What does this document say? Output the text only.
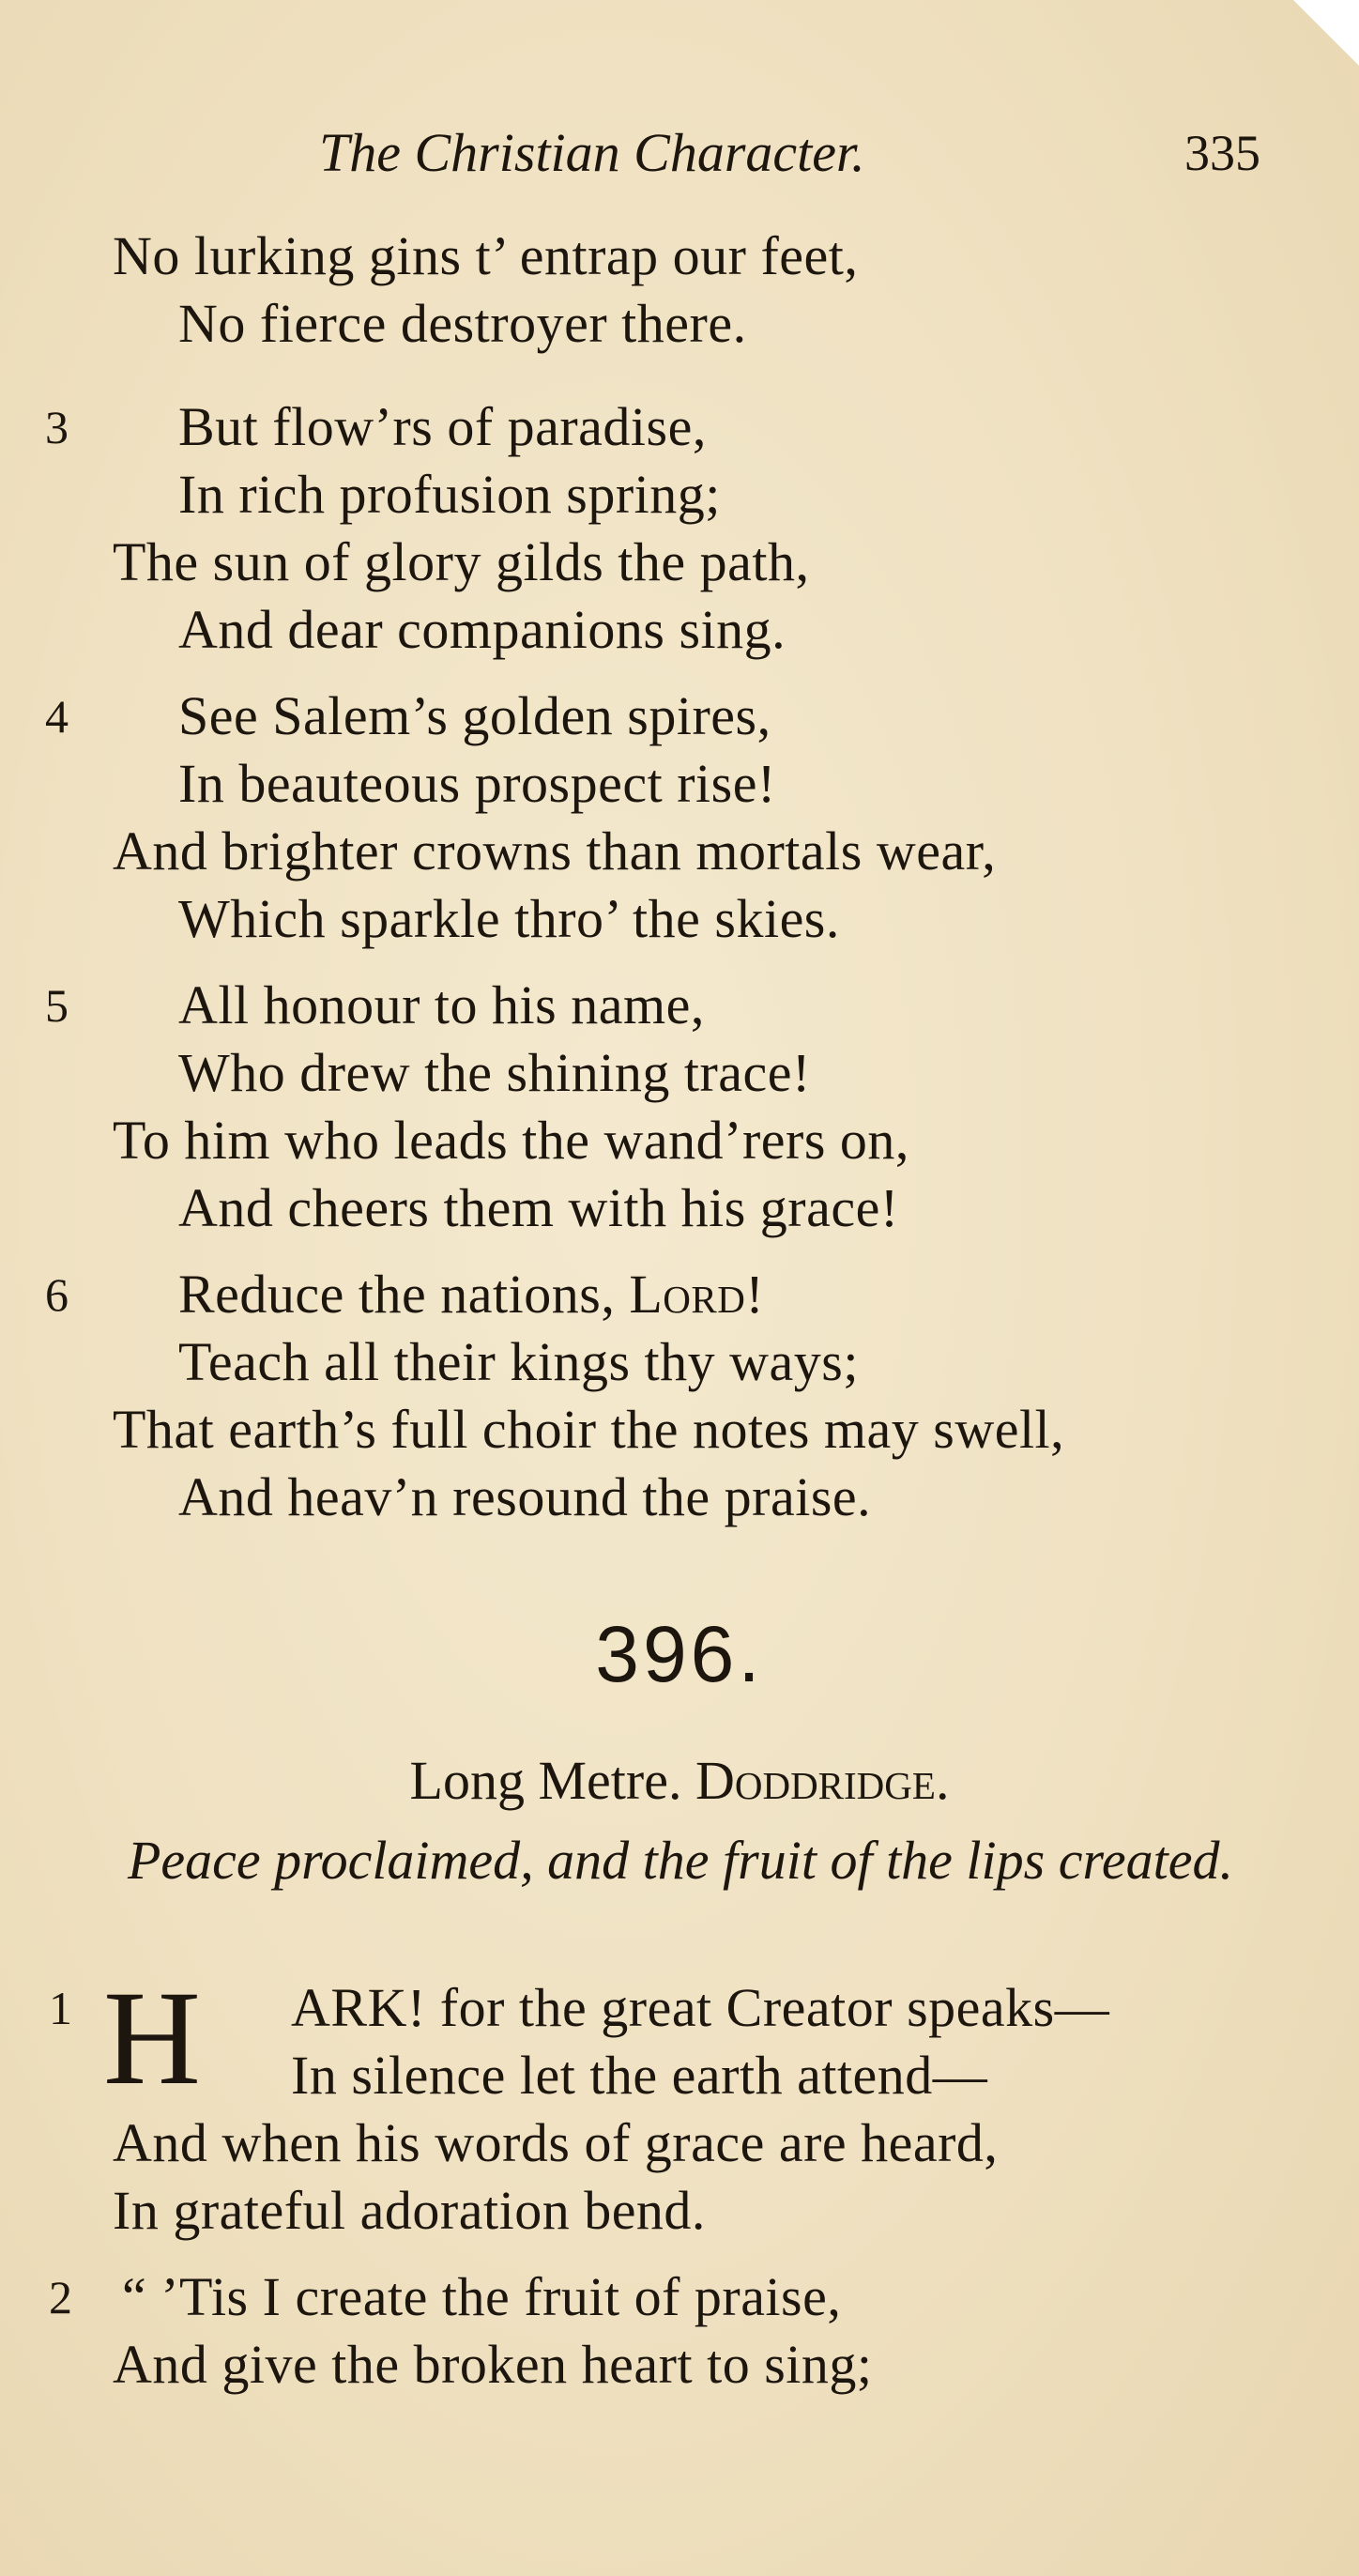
The Christian Character.	335
No lurking gins t’ entrap our feet,
No fierce destroyer there.
3 But flow’rs of paradise,
In rich profusion spring;
The sun of glory gilds the path,
And dear companions sing.
4 See Salem’s golden spires,
In beauteous prospect rise!
And brighter crowns than mortals wear,
Which sparkle thro’ the skies.
5 All honour to his name,
Who drew the shining trace!
To him who leads the wand’rers on,
And cheers them with his grace!
6 Reduce the nations, Lord!
Teach all their kings thy ways;
That earth’s full choir the notes may swell,
And heav’n resound the praise.
396.
Long Metre. Doddridge.
Peace proclaimed, and the fruit of the lips created.
1 H ARK! for the great Creator speaks—
In silence let the earth attend—
And when his words of grace are heard,
In grateful adoration bend.
2 “ ’Tis I create the fruit of praise,
And give the broken heart to sing;
